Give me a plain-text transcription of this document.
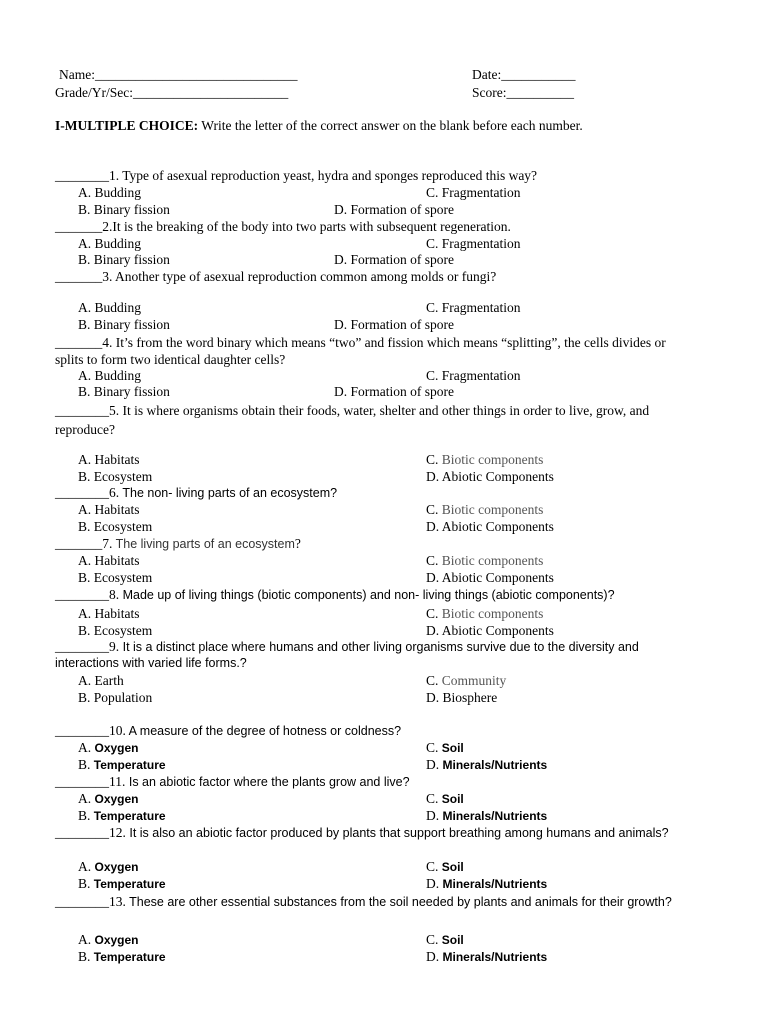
Name:______________________________	Date:___________
Grade/Yr/Sec:_______________________	Score:__________
I-MULTIPLE CHOICE: Write the letter of the correct answer on the blank before each number.
________1. Type of asexual reproduction yeast, hydra and sponges reproduced this way?
A. Budding	C. Fragmentation
B. Binary fission	D. Formation of spore
_______2.It is the breaking of the body into two parts with subsequent regeneration.
A. Budding	C. Fragmentation
B. Binary fission	D. Formation of spore
_______3. Another type of asexual reproduction common among molds or fungi?
A. Budding	C. Fragmentation
B. Binary fission	D. Formation of spore
_______4. It’s from the word binary which means “two” and fission which means “splitting”, the cells divides or splits to form two identical daughter cells?
A. Budding	C. Fragmentation
B. Binary fission	D. Formation of spore
________5. It is where organisms obtain their foods, water, shelter and other things in order to live, grow, and reproduce?
A. Habitats	C. Biotic components
B. Ecosystem	D. Abiotic Components
________6. The non- living parts of an ecosystem?
A. Habitats	C. Biotic components
B. Ecosystem	D. Abiotic Components
_______7. The living parts of an ecosystem?
A. Habitats	C. Biotic components
B. Ecosystem	D. Abiotic Components
________8. Made up of living things (biotic components) and non- living things (abiotic components)?
A. Habitats	C. Biotic components
B. Ecosystem	D. Abiotic Components
________9. It is a distinct place where humans and other living organisms survive due to the diversity and interactions with varied life forms.?
A. Earth	C. Community
B. Population	D. Biosphere
________10. A measure of the degree of hotness or coldness?
A. Oxygen	C. Soil
B. Temperature	D. Minerals/Nutrients
________11. Is an abiotic factor where the plants grow and live?
A. Oxygen	C. Soil
B. Temperature	D. Minerals/Nutrients
________12. It is also an abiotic factor produced by plants that support breathing among humans and animals?
A. Oxygen	C. Soil
B. Temperature	D. Minerals/Nutrients
________13. These are other essential substances from the soil needed by plants and animals for their growth?
A. Oxygen	C. Soil
B. Temperature	D. Minerals/Nutrients
